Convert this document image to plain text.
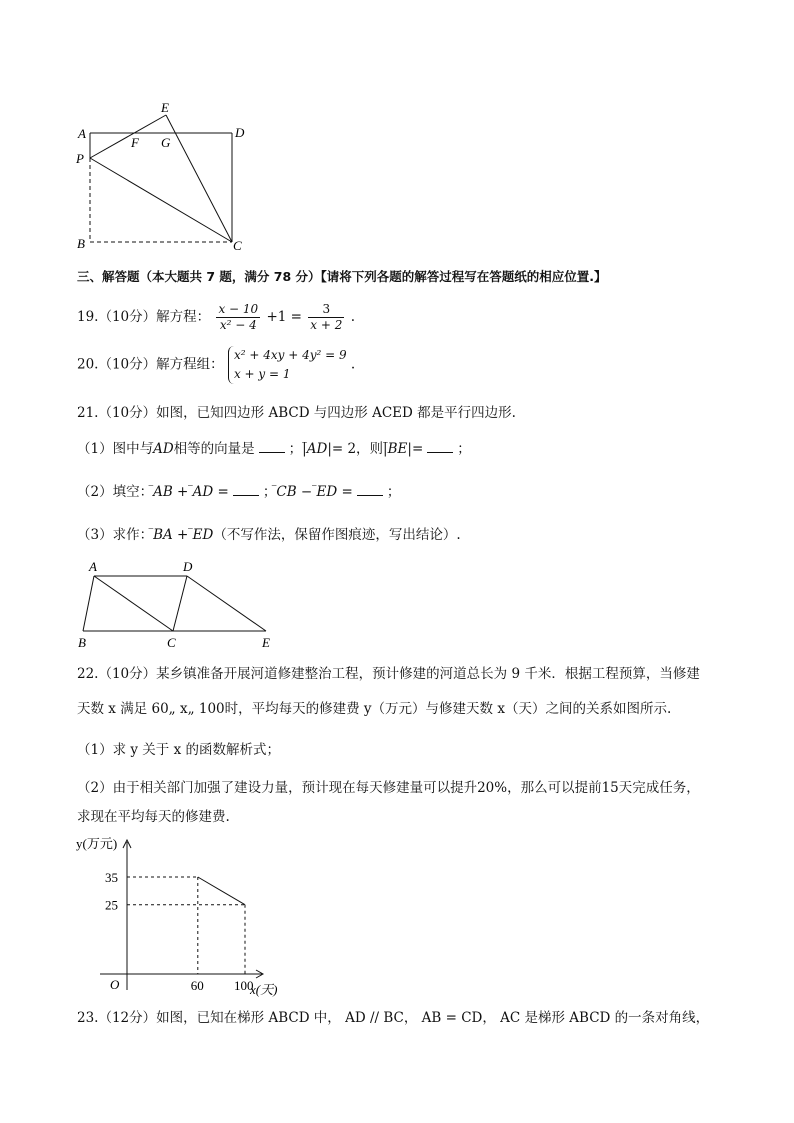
A	D
E
F G
P
B	C
三、解答题（本大题共 7 题，满分 78 分）【请将下列各题的解答过程写在答题纸的相应位置.】
19.（10分）解方程： $\frac{x - 10}{\text{x² − 4}} +1 = \frac{3}{x + 2}$ .
20.（10分）解方程组：
x² + 4xy + 4y² = 9
x + y = 1
.
21.（10分）如图，已知四边形 ABCD 与四边形 ACED 都是平行四边形.
（1）图中与̲̲̲ AD相等的向量是	；|̲̲̲ AD|= 2，则|̲̲̲ BE|=	；
（2）填空：̲̲̲ AB + ̲̲̲ AD =	；̲̲̲ CB − ̲̲̲ ED =	；
（3）求作：̲̲̲ BA + ̲̲̲ ED（不写作法，保留作图痕迹，写出结论）.
A	D
B	C	E
22.（10分）某乡镇准备开展河道修建整治工程，预计修建的河道总长为 9 千米．根据工程预算，当修建
天数 x 满足 60„ x„ 100时，平均每天的修建费 y（万元）与修建天数 x（天）之间的关系如图所示.
（1）求 y 关于 x 的函数解析式；
（2）由于相关部门加强了建设力量，预计现在每天修建量可以提升20%，那么可以提前15天完成任务，
求现在平均每天的修建费.
35
60
25
100
y(万元)
x(天)
O
23.（12分）如图，已知在梯形 ABCD 中， AD // BC， AB = CD， AC 是梯形 ABCD 的一条对角线，
